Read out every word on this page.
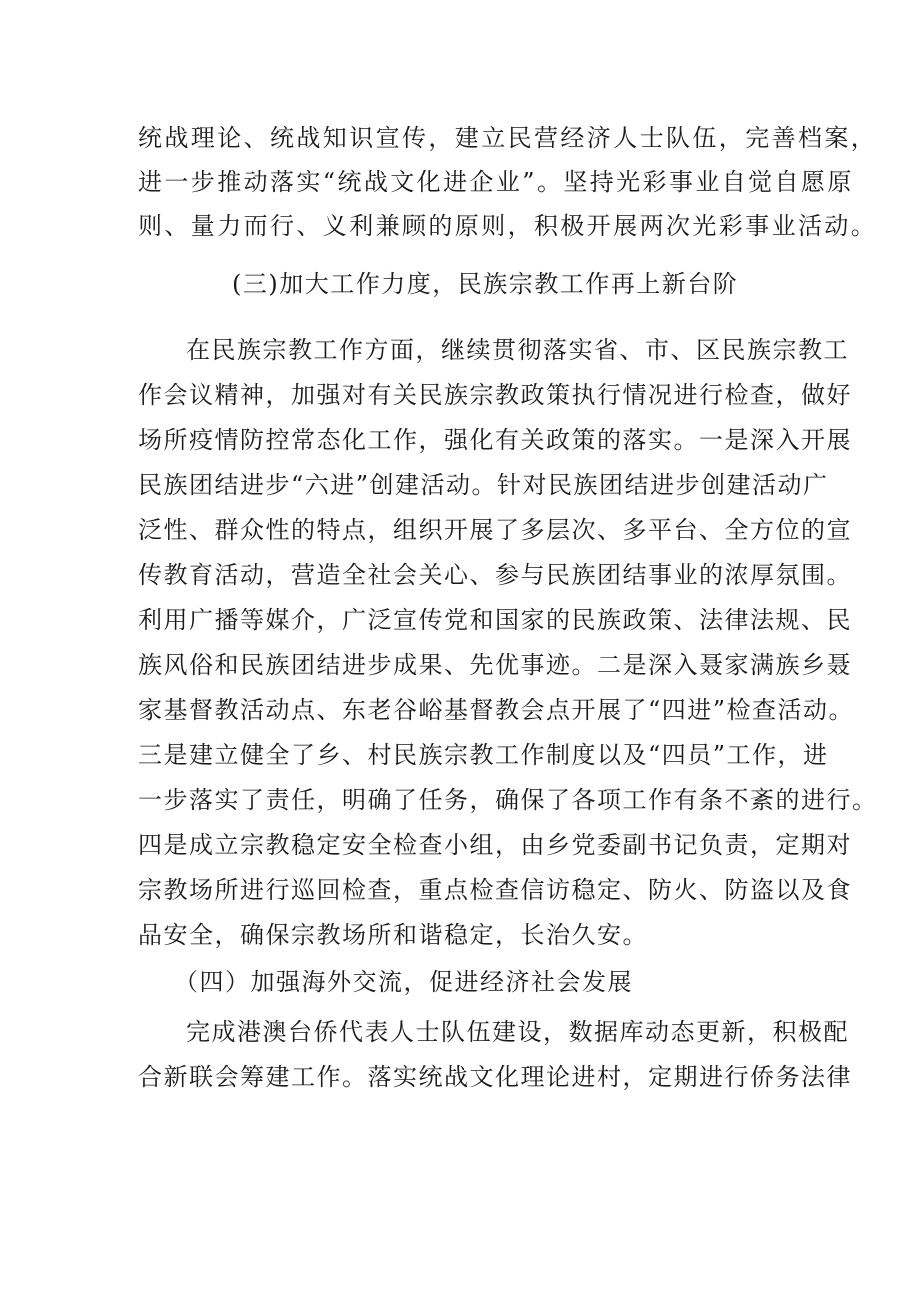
统战理论、统战知识宣传，建立民营经济人士队伍，完善档案，
进一步推动落实“统战文化进企业”。坚持光彩事业自觉自愿原
则、量力而行、义利兼顾的原则，积极开展两次光彩事业活动。
(三)加大工作力度，民族宗教工作再上新台阶
在民族宗教工作方面，继续贯彻落实省、市、区民族宗教工
作会议精神，加强对有关民族宗教政策执行情况进行检查，做好
场所疫情防控常态化工作，强化有关政策的落实。一是深入开展
民族团结进步“六进”创建活动。针对民族团结进步创建活动广
泛性、群众性的特点，组织开展了多层次、多平台、全方位的宣
传教育活动，营造全社会关心、参与民族团结事业的浓厚氛围。
利用广播等媒介，广泛宣传党和国家的民族政策、法律法规、民
族风俗和民族团结进步成果、先优事迹。二是深入聂家满族乡聂
家基督教活动点、东老谷峪基督教会点开展了“四进”检查活动。
三是建立健全了乡、村民族宗教工作制度以及“四员”工作，进
一步落实了责任，明确了任务，确保了各项工作有条不紊的进行。
四是成立宗教稳定安全检查小组，由乡党委副书记负责，定期对
宗教场所进行巡回检查，重点检查信访稳定、防火、防盗以及食
品安全，确保宗教场所和谐稳定，长治久安。
（四）加强海外交流，促进经济社会发展
完成港澳台侨代表人士队伍建设，数据库动态更新，积极配
合新联会筹建工作。落实统战文化理论进村，定期进行侨务法律
